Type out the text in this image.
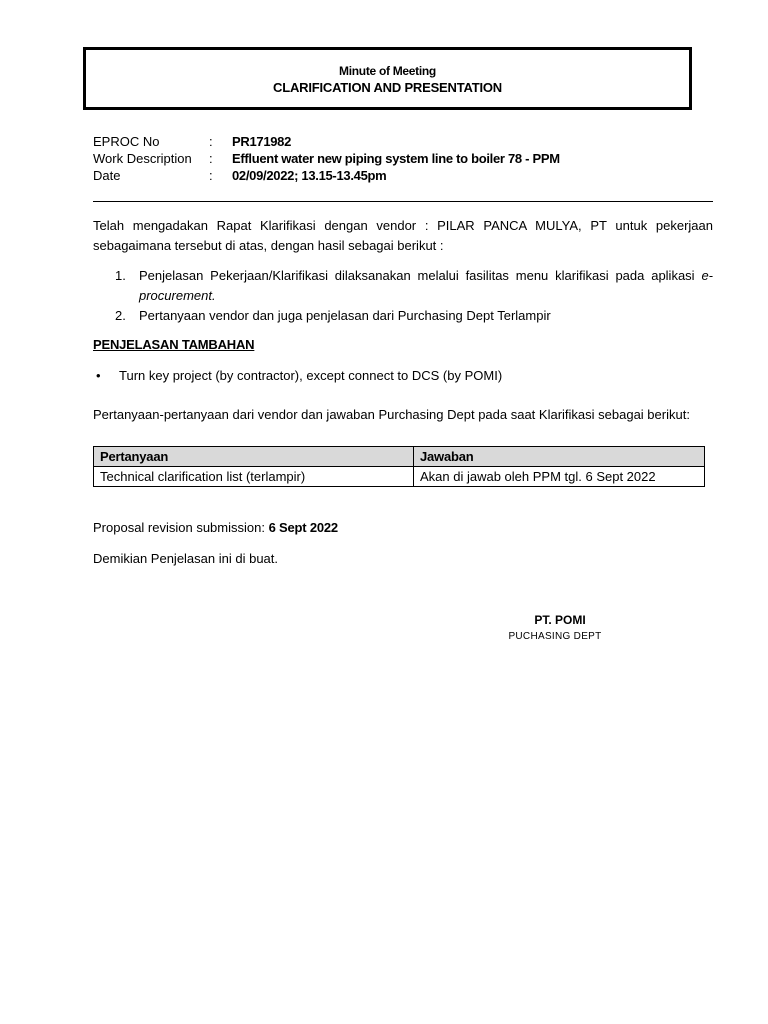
Minute of Meeting
CLARIFICATION AND PRESENTATION
EPROC No	:	PR171982
Work Description	:	Effluent water new piping system line to boiler 78 - PPM
Date	:	02/09/2022; 13.15-13.45pm
Telah mengadakan Rapat Klarifikasi dengan vendor : PILAR PANCA MULYA, PT untuk pekerjaan
sebagaimana tersebut di atas, dengan hasil sebagai berikut :
1.	Penjelasan Pekerjaan/Klarifikasi dilaksanakan melalui fasilitas menu klarifikasi pada aplikasi e-
procurement.
2.	Pertanyaan vendor dan juga penjelasan dari Purchasing Dept Terlampir
PENJELASAN TAMBAHAN
•	Turn key project (by contractor), except connect to DCS (by POMI)
Pertanyaan-pertanyaan dari vendor dan jawaban Purchasing Dept pada saat Klarifikasi sebagai berikut:
Pertanyaan	Jawaban
Technical clarification list (terlampir)	Akan di jawab oleh PPM tgl. 6 Sept 2022
Proposal revision submission: 6 Sept 2022
Demikian Penjelasan ini di buat.
PT. POMI
PUCHASING DEPT
